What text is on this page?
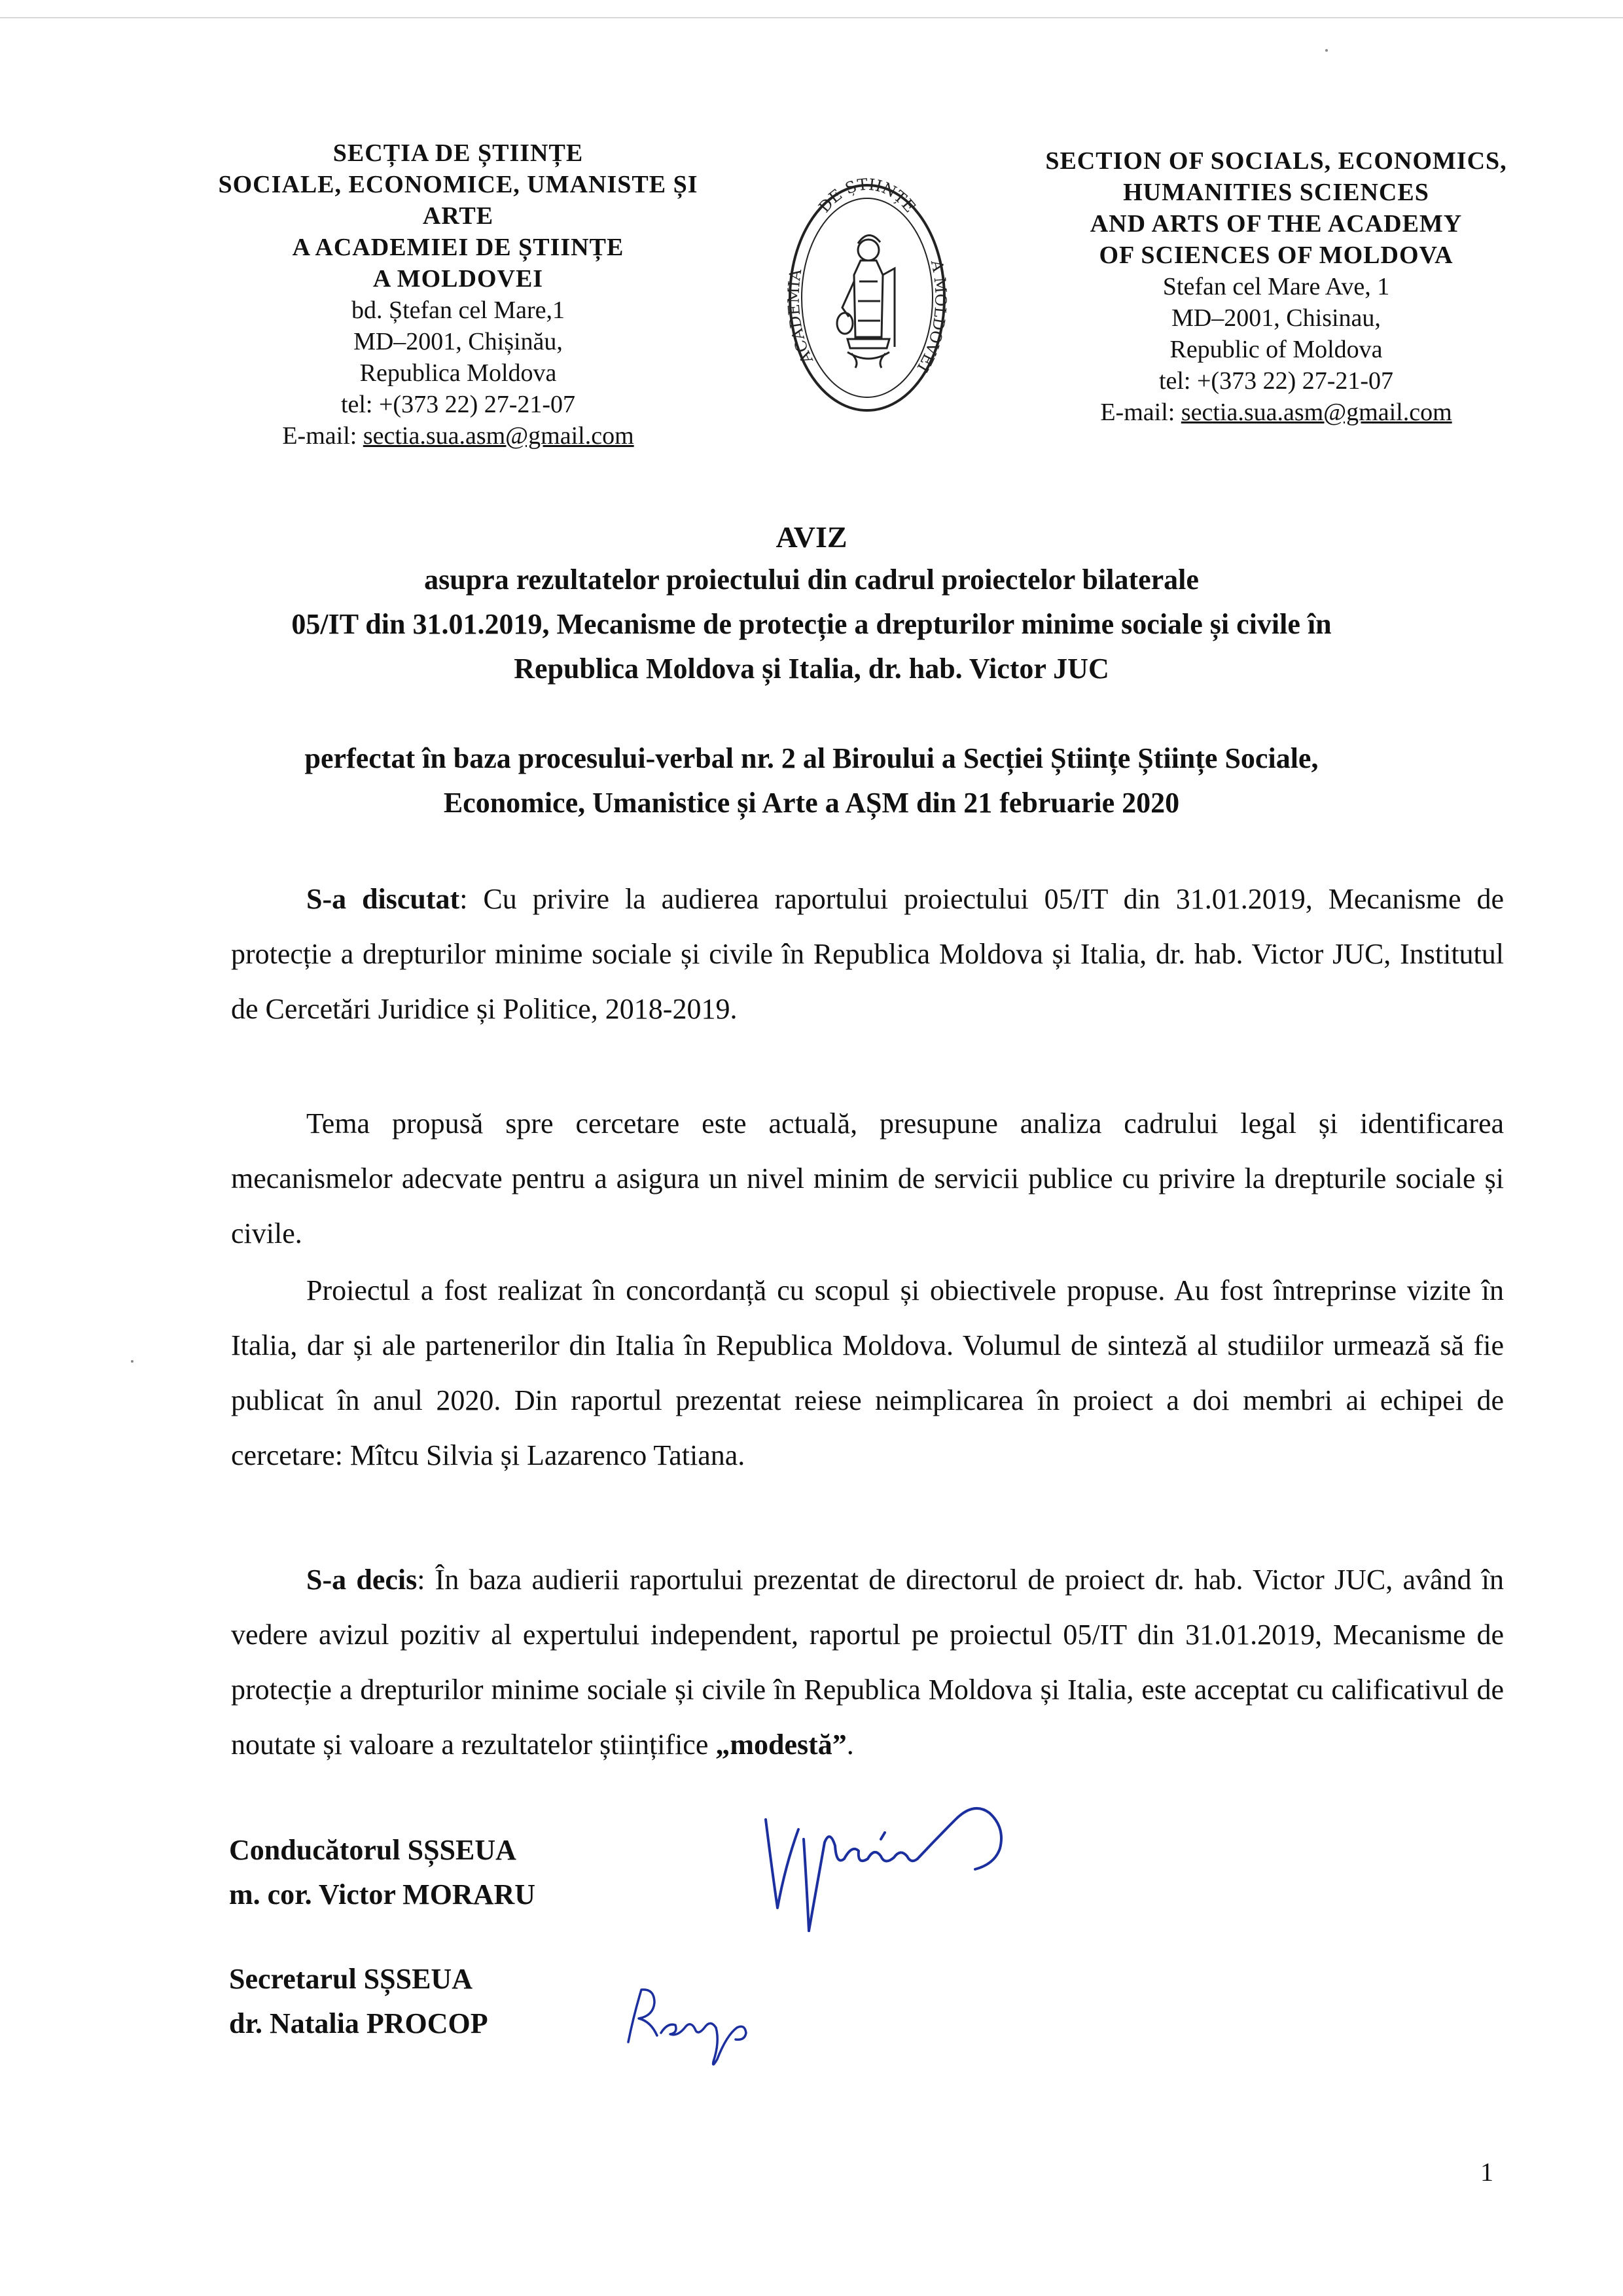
SECȚIA DE ȘTIINȚE
SOCIALE, ECONOMICE, UMANISTE ȘI
ARTE
A ACADEMIEI DE ȘTIINȚE
A MOLDOVEI
bd. Ștefan cel Mare,1
MD–2001, Chișinău,
Republica Moldova
tel: +(373 22) 27-21-07
E-mail: sectia.sua.asm@gmail.com
DE ȘTIINȚE
ACADEMIA
A MOLDOVEI
SECTION OF SOCIALS, ECONOMICS,
HUMANITIES SCIENCES
AND ARTS OF THE ACADEMY
OF SCIENCES OF MOLDOVA
Stefan cel Mare Ave, 1
MD–2001, Chisinau,
Republic of Moldova
tel: +(373 22) 27-21-07
E-mail: sectia.sua.asm@gmail.com
AVIZ
asupra rezultatelor proiectului din cadrul proiectelor bilaterale
05/IT din 31.01.2019, Mecanisme de protecție a drepturilor minime sociale și civile în
Republica Moldova și Italia, dr. hab. Victor JUC
perfectat în baza procesului-verbal nr. 2 al Biroului a Secției Științe Științe Sociale,
Economice, Umanistice și Arte a AȘM din 21 februarie 2020
S-a discutat: Cu privire la audierea raportului proiectului 05/IT din 31.01.2019, Mecanisme de protecție a drepturilor minime sociale și civile în Republica Moldova și Italia, dr. hab. Victor JUC, Institutul de Cercetări Juridice și Politice, 2018-2019.
Tema propusă spre cercetare este actuală, presupune analiza cadrului legal și identificarea mecanismelor adecvate pentru a asigura un nivel minim de servicii publice cu privire la drepturile sociale și civile.
Proiectul a fost realizat în concordanță cu scopul și obiectivele propuse. Au fost întreprinse vizite în Italia, dar și ale partenerilor din Italia în Republica Moldova. Volumul de sinteză al studiilor urmează să fie publicat în anul 2020. Din raportul prezentat reiese neimplicarea în proiect a doi membri ai echipei de cercetare: Mîtcu Silvia și Lazarenco Tatiana.
S-a decis: În baza audierii raportului prezentat de directorul de proiect dr. hab. Victor JUC, având în vedere avizul pozitiv al expertului independent, raportul pe proiectul 05/IT din 31.01.2019, Mecanisme de protecție a drepturilor minime sociale și civile în Republica Moldova și Italia, este acceptat cu calificativul de noutate și valoare a rezultatelor științifice „modestă”.
Conducătorul SȘSEUA
m. cor. Victor MORARU
Secretarul SȘSEUA
dr. Natalia PROCOP
1
